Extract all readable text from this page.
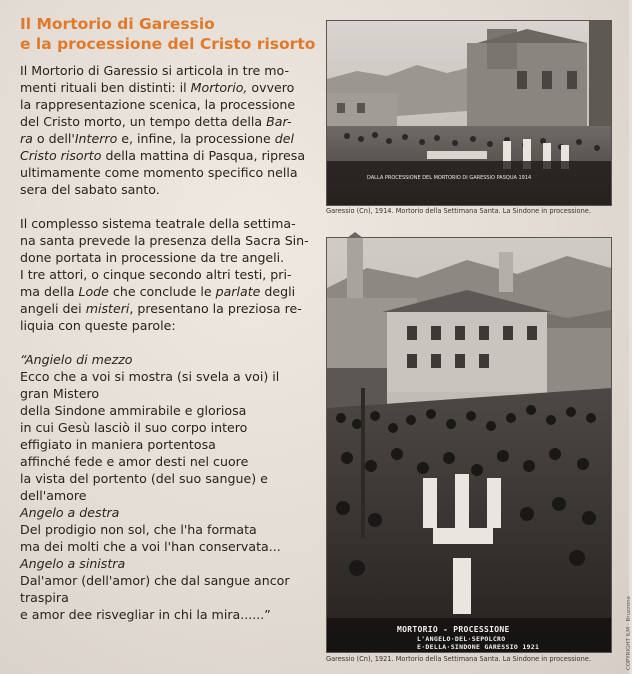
Il Mortorio di Garessio
e la processione del Cristo risorto
Il Mortorio di Garessio si articola in tre mo-
menti rituali ben distinti: il Mortorio, ovvero
la rappresentazione scenica, la processione
del Cristo morto, un tempo detta della Bar-
ra o dell'Interro e, infine, la processione del
Cristo risorto della mattina di Pasqua, ripresa
ultimamente come momento specifico nella
sera del sabato santo.
Il complesso sistema teatrale della settima-
na santa prevede la presenza della Sacra Sin-
done portata in processione da tre angeli.
I tre attori, o cinque secondo altri testi, pri-
ma della Lode che conclude le parlate degli
angeli dei misteri, presentano la preziosa re-
liquia con queste parole:
“Angielo di mezzo
Ecco che a voi si mostra (si svela a voi) il
gran Mistero
della Sindone ammirabile e gloriosa
in cui Gesù lasciò il suo corpo intero
effigiato in maniera portentosa
affinché fede e amor desti nel cuore
la vista del portento (del suo sangue) e
dell'amore
Angelo a destra
Del prodigio non sol, che l'ha formata
ma dei molti che a voi l'han conservata...
Angelo a sinistra
Dal'amor (dell'amor) che dal sangue ancor
traspira
e amor dee risvegliar in chi la mira......”
DALLA PROCESSIONE DEL MORTORIO DI GARESSIO PASQUA 1914
Garessio (Cn), 1914. Mortorio della Settimana Santa. La Sindone in processione.
MORTORIO - PROCESSIONE
L'ANGELO·DEL·SEPOLCRO
E·DELLA·SINDONE GARESSIO 1921
Garessio (Cn), 1921. Mortorio della Settimana Santa. La Sindone in processione.	COPYRIGHT ILM - Bruzzone
